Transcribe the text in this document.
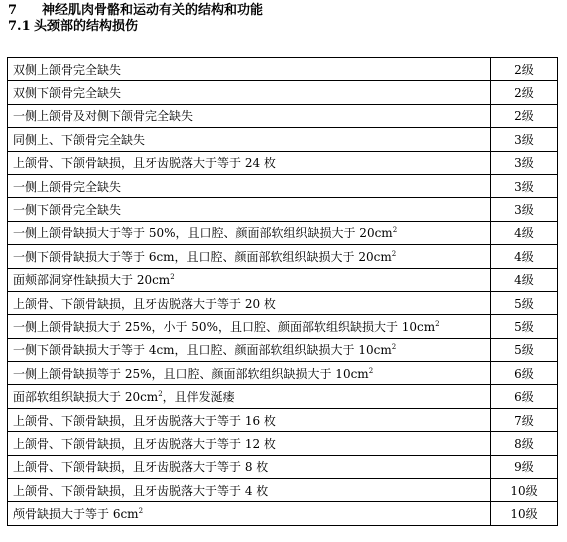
7 神经肌肉骨骼和运动有关的结构和功能
7.1 头颈部的结构损伤
双侧上颌骨完全缺失	2级
双侧下颌骨完全缺失	2级
一侧上颌骨及对侧下颌骨完全缺失	2级
同侧上、下颌骨完全缺失	3级
上颌骨、下颌骨缺损，且牙齿脱落大于等于 24 枚	3级
一侧上颌骨完全缺失	3级
一侧下颌骨完全缺失	3级
一侧上颌骨缺损大于等于 50%，且口腔、颜面部软组织缺损大于 $20cm^2$	4级
一侧下颌骨缺损大于等于 6cm，且口腔、颜面部软组织缺损大于 $20cm^2$	4级
面颊部洞穿性缺损大于 $20cm^2$	4级
上颌骨、下颌骨缺损，且牙齿脱落大于等于 20 枚	5级
一侧上颌骨缺损大于 25%，小于 50%，且口腔、颜面部软组织缺损大于 $10cm^2$	5级
一侧下颌骨缺损大于等于 4cm，且口腔、颜面部软组织缺损大于 $10cm^2$	5级
一侧上颌骨缺损等于 25%，且口腔、颜面部软组织缺损大于 $10cm^2$	6级
面部软组织缺损大于 $20cm^2$，且伴发涎瘘	6级
上颌骨、下颌骨缺损，且牙齿脱落大于等于 16 枚	7级
上颌骨、下颌骨缺损，且牙齿脱落大于等于 12 枚	8级
上颌骨、下颌骨缺损，且牙齿脱落大于等于 8 枚	9级
上颌骨、下颌骨缺损，且牙齿脱落大于等于 4 枚	10级
颅骨缺损大于等于 $6cm^2$	10级
